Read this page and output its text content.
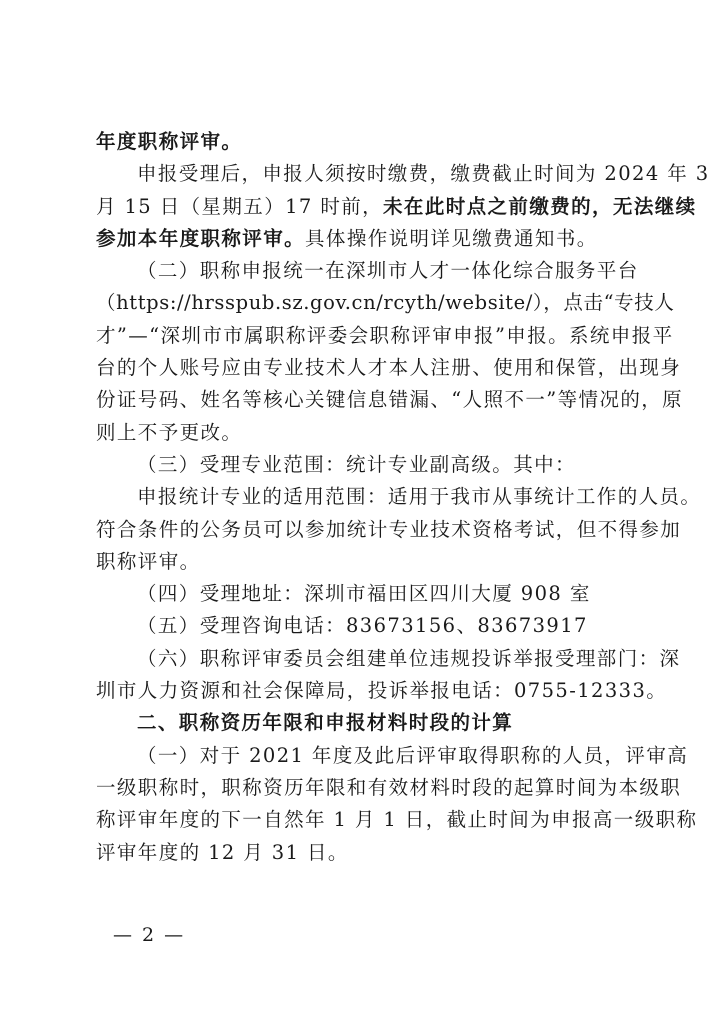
年度职称评审。
申报受理后，申报人须按时缴费，缴费截止时间为 2024 年 3
月 15 日（星期五）17 时前，未在此时点之前缴费的，无法继续
参加本年度职称评审。具体操作说明详见缴费通知书。
（二）职称申报统一在深圳市人才一体化综合服务平台
（https://hrsspub.sz.gov.cn/rcyth/website/），点击“专技人
才”—“深圳市市属职称评委会职称评审申报”申报。系统申报平
台的个人账号应由专业技术人才本人注册、使用和保管，出现身
份证号码、姓名等核心关键信息错漏、“人照不一”等情况的，原
则上不予更改。
（三）受理专业范围：统计专业副高级。其中：
申报统计专业的适用范围：适用于我市从事统计工作的人员。
符合条件的公务员可以参加统计专业技术资格考试，但不得参加
职称评审。
（四）受理地址：深圳市福田区四川大厦 908 室
（五）受理咨询电话：83673156、83673917
（六）职称评审委员会组建单位违规投诉举报受理部门：深
圳市人力资源和社会保障局，投诉举报电话：0755-12333。
二、职称资历年限和申报材料时段的计算
（一）对于 2021 年度及此后评审取得职称的人员，评审高
一级职称时，职称资历年限和有效材料时段的起算时间为本级职
称评审年度的下一自然年 1 月 1 日，截止时间为申报高一级职称
评审年度的 12 月 31 日。
— 2 —
